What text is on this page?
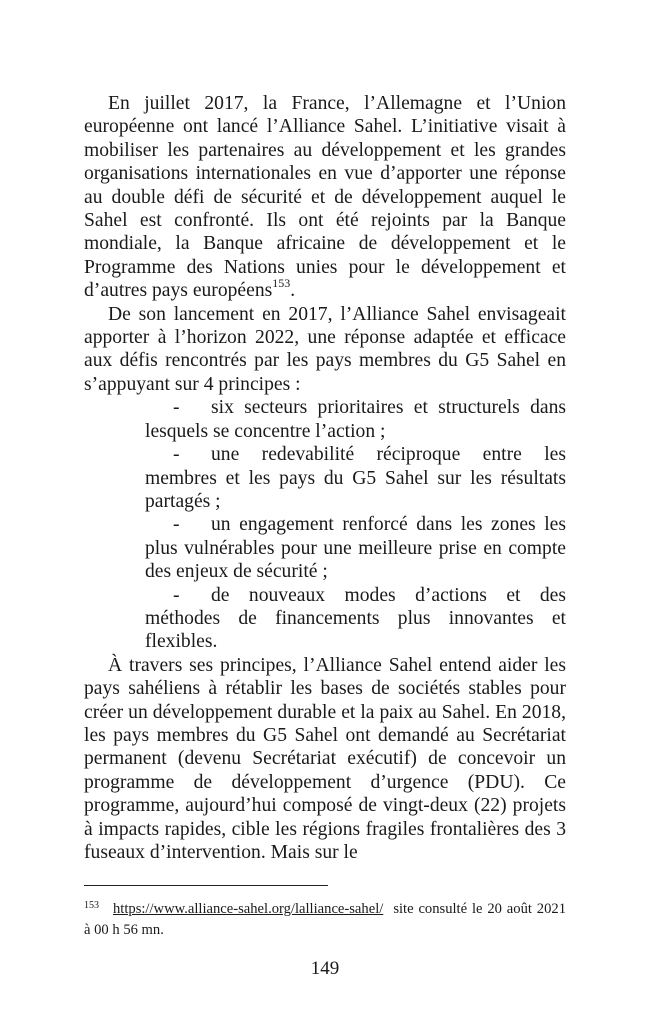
En juillet 2017, la France, l’Allemagne et l’Union européenne ont lancé l’Alliance Sahel. L’initiative visait à mobiliser les partenaires au développement et les grandes organisations internationales en vue d’apporter une réponse au double défi de sécurité et de développement auquel le Sahel est confronté. Ils ont été rejoints par la Banque mondiale, la Banque africaine de développement et le Programme des Nations unies pour le développement et d’autres pays européens$^{153}$.

De son lancement en 2017, l’Alliance Sahel envisageait apporter à l’horizon 2022, une réponse adaptée et efficace aux défis rencontrés par les pays membres du G5 Sahel en s’appuyant sur 4 principes :

- six secteurs prioritaires et structurels dans lesquels se concentre l’action ;

- une redevabilité réciproque entre les membres et les pays du G5 Sahel sur les résultats partagés ;

- un engagement renforcé dans les zones les plus vulnérables pour une meilleure prise en compte des enjeux de sécurité ;

- de nouveaux modes d’actions et des méthodes de financements plus innovantes et flexibles.

À travers ses principes, l’Alliance Sahel entend aider les pays sahéliens à rétablir les bases de sociétés stables pour créer un développement durable et la paix au Sahel. En 2018, les pays membres du G5 Sahel ont demandé au Secrétariat permanent (devenu Secrétariat exécutif) de concevoir un programme de développement d’urgence (PDU). Ce programme, aujourd’hui composé de vingt-deux (22) projets à impacts rapides, cible les régions fragiles frontalières des 3 fuseaux d’intervention. Mais sur le

$^{153}$ https://www.alliance-sahel.org/lalliance-sahel/ site consulté le 20 août 2021 à 00 h 56 mn.
149
